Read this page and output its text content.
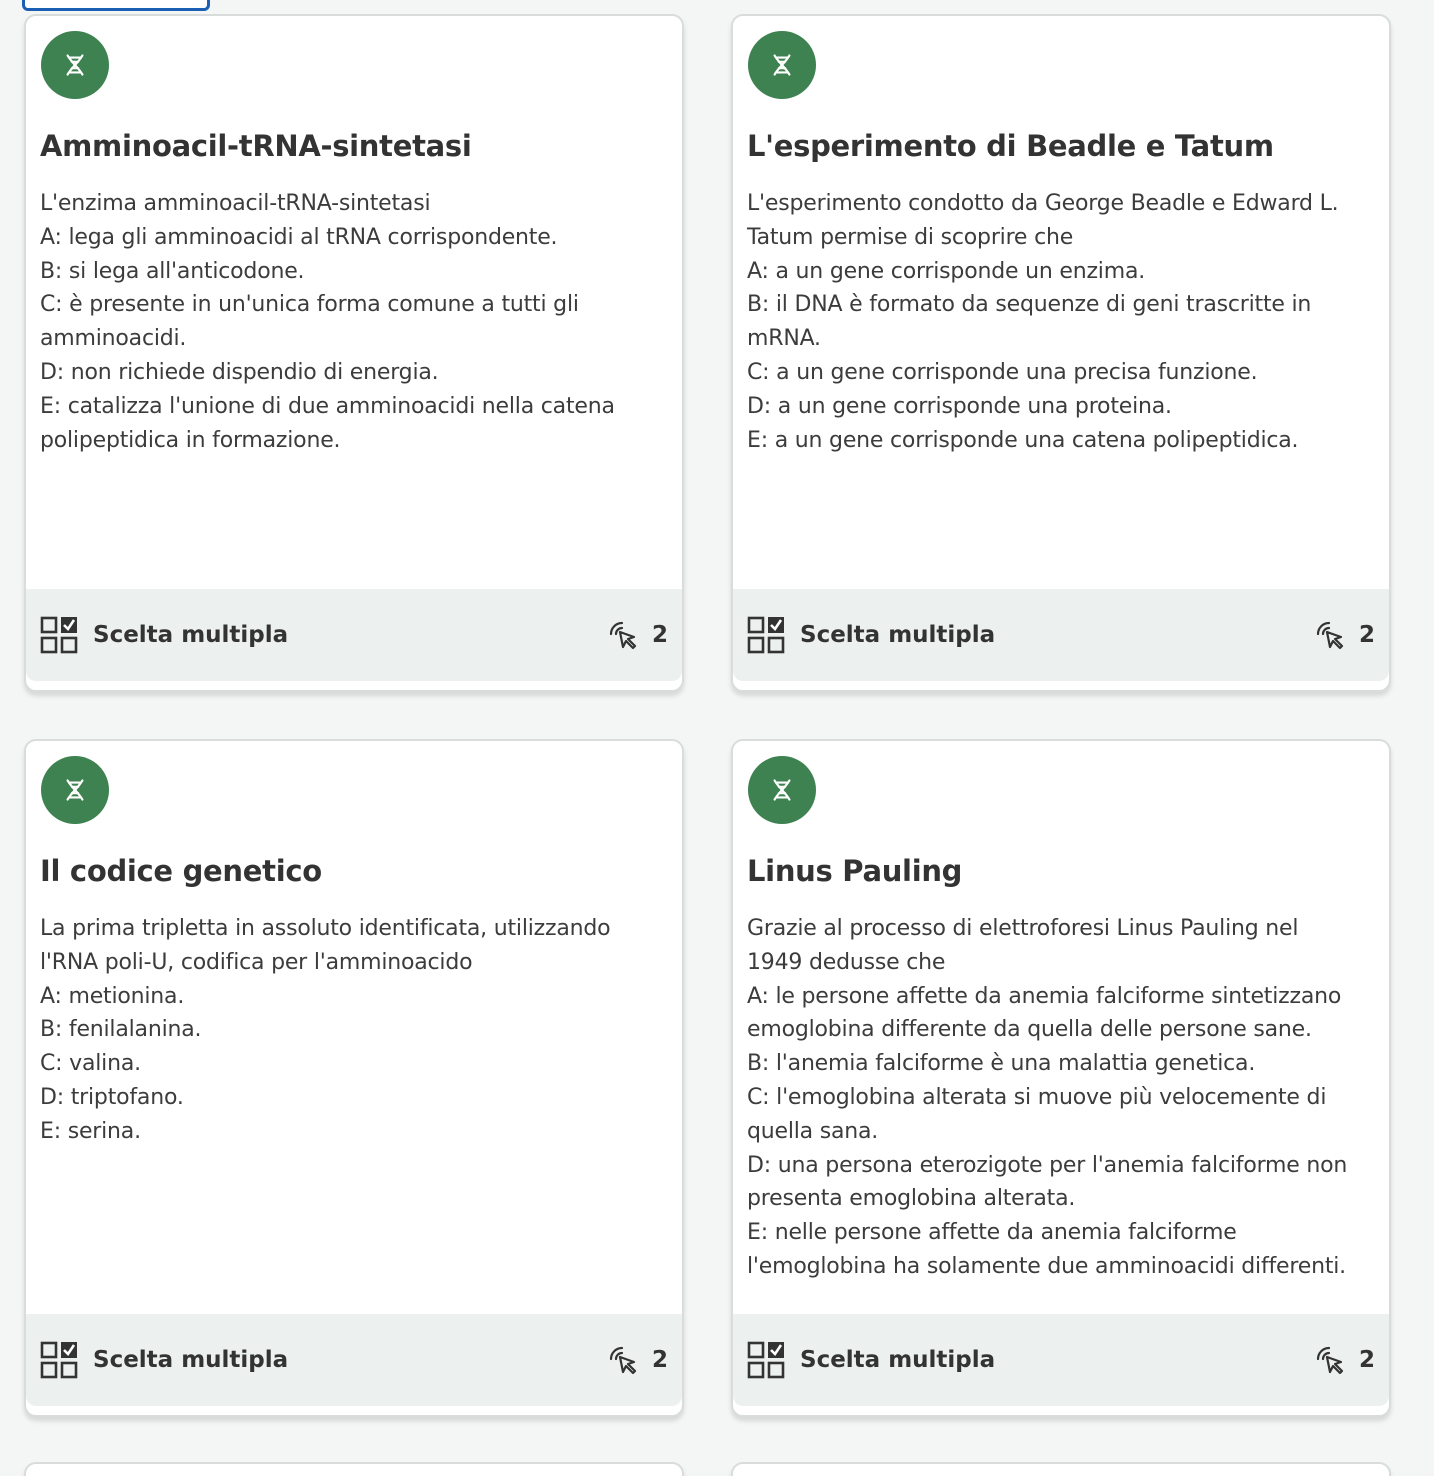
Amminoacil-tRNA-sintetasi
L'enzima amminoacil-tRNA-sintetasi
A: lega gli amminoacidi al tRNA corrispondente.
B: si lega all'anticodone.
C: è presente in un'unica forma comune a tutti gli
amminoacidi.
D: non richiede dispendio di energia.
E: catalizza l'unione di due amminoacidi nella catena
polipeptidica in formazione.
Scelta multipla	2
L'esperimento di Beadle e Tatum
L'esperimento condotto da George Beadle e Edward L.
Tatum permise di scoprire che
A: a un gene corrisponde un enzima.
B: il DNA è formato da sequenze di geni trascritte in
mRNA.
C: a un gene corrisponde una precisa funzione.
D: a un gene corrisponde una proteina.
E: a un gene corrisponde una catena polipeptidica.
Scelta multipla	2
Il codice genetico
La prima tripletta in assoluto identificata, utilizzando
l'RNA poli-U, codifica per l'amminoacido
A: metionina.
B: fenilalanina.
C: valina.
D: triptofano.
E: serina.
Scelta multipla	2
Linus Pauling
Grazie al processo di elettroforesi Linus Pauling nel
1949 dedusse che
A: le persone affette da anemia falciforme sintetizzano
emoglobina differente da quella delle persone sane.
B: l'anemia falciforme è una malattia genetica.
C: l'emoglobina alterata si muove più velocemente di
quella sana.
D: una persona eterozigote per l'anemia falciforme non
presenta emoglobina alterata.
E: nelle persone affette da anemia falciforme
l'emoglobina ha solamente due amminoacidi differenti.
Scelta multipla	2
